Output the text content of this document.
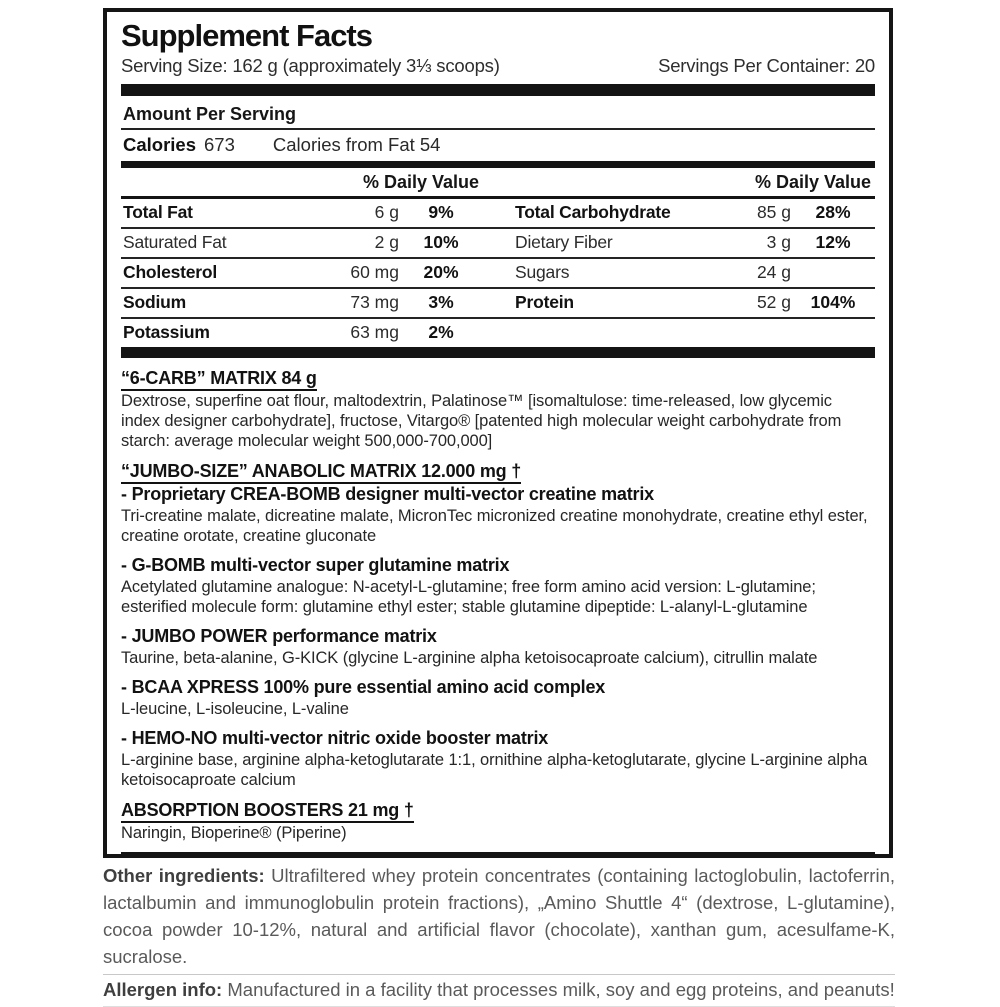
Supplement Facts
Serving Size: 162 g (approximately 3⅓ scoops)	Servings Per Container: 20
Amount Per Serving
Calories 673 Calories from Fat 54
% Daily Value	% Daily Value
Total Fat	6 g	9%	Total Carbohydrate	85 g	28%
Saturated Fat	2 g	10%	Dietary Fiber	3 g	12%
Cholesterol	60 mg	20%	Sugars	24 g
Sodium	73 mg	3%	Protein	52 g	104%
Potassium	63 mg	2%
“6-CARB” MATRIX 84 g
Dextrose, superfine oat flour, maltodextrin, Palatinose™ [isomaltulose: time-released, low glycemic index designer carbohydrate], fructose, Vitargo® [patented high molecular weight carbohydrate from starch: average molecular weight 500,000-700,000]
“JUMBO-SIZE” ANABOLIC MATRIX 12.000 mg †
- Proprietary CREA-BOMB designer multi-vector creatine matrix
Tri-creatine malate, dicreatine malate, MicronTec micronized creatine monohydrate, creatine ethyl ester, creatine orotate, creatine gluconate
- G-BOMB multi-vector super glutamine matrix
Acetylated glutamine analogue: N-acetyl-L-glutamine; free form amino acid version: L-glutamine; esterified molecule form: glutamine ethyl ester; stable glutamine dipeptide: L-alanyl-L-glutamine
- JUMBO POWER performance matrix
Taurine, beta-alanine, G-KICK (glycine L-arginine alpha ketoisocaproate calcium), citrullin malate
- BCAA XPRESS 100% pure essential amino acid complex
L-leucine, L-isoleucine, L-valine
- HEMO-NO multi-vector nitric oxide booster matrix
L-arginine base, arginine alpha-ketoglutarate 1:1, ornithine alpha-ketoglutarate, glycine L-arginine alpha ketoisocaproate calcium
ABSORPTION BOOSTERS 21 mg †
Naringin, Bioperine® (Piperine)

Other ingredients: Ultrafiltered whey protein concentrates (containing lactoglobulin, lactoferrin, lactalbumin and immunoglobulin protein fractions), „Amino Shuttle 4“ (dextrose, L-glutamine), cocoa powder 10-12%, natural and artificial flavor (chocolate), xanthan gum, acesulfame-K, sucralose.

Allergen info: Manufactured in a facility that processes milk, soy and egg proteins, and peanuts!
